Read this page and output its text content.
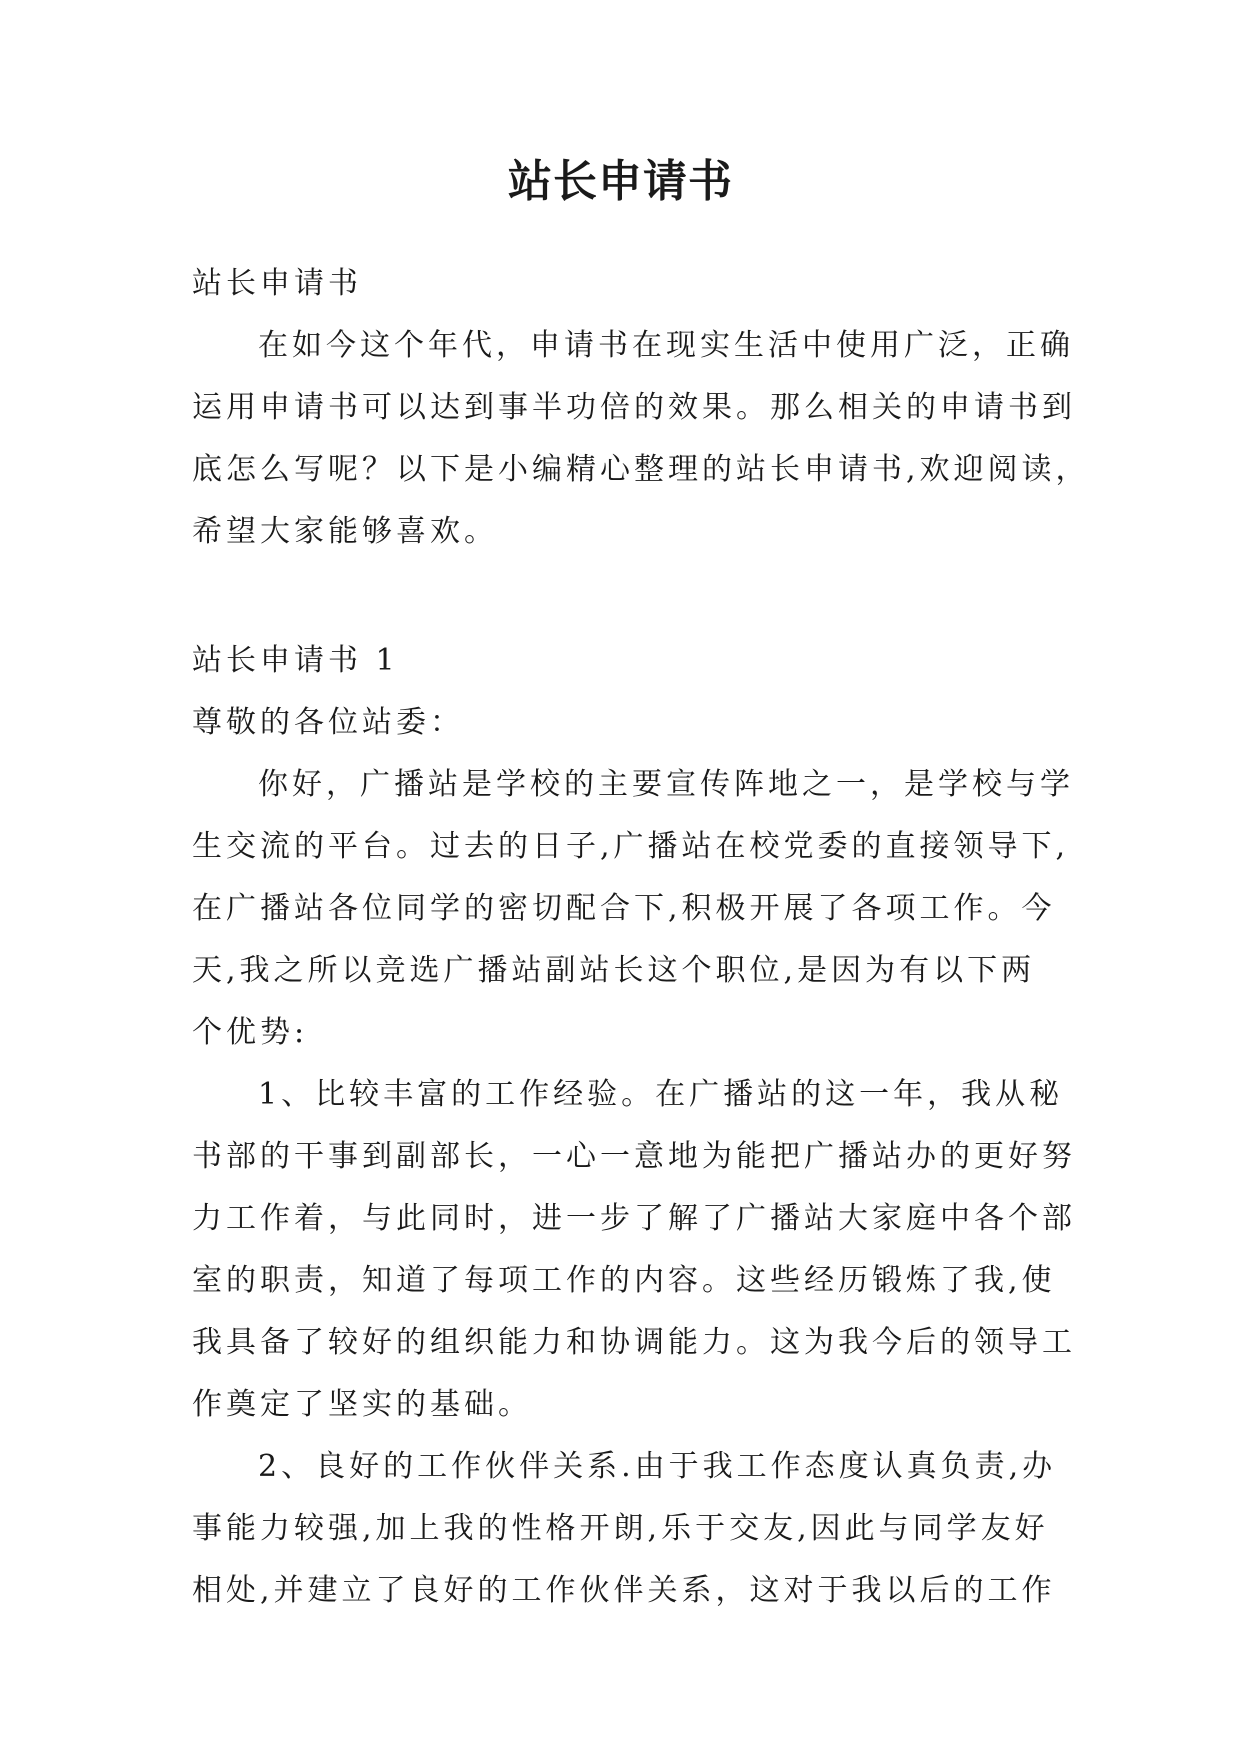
站长申请书
站长申请书
在如今这个年代，申请书在现实生活中使用广泛，正确
运用申请书可以达到事半功倍的效果。那么相关的申请书到
底怎么写呢？以下是小编精心整理的站长申请书,欢迎阅读，
希望大家能够喜欢。
站长申请书 1
尊敬的各位站委：
你好，广播站是学校的主要宣传阵地之一，是学校与学
生交流的平台。过去的日子,广播站在校党委的直接领导下,
在广播站各位同学的密切配合下,积极开展了各项工作。今
天,我之所以竞选广播站副站长这个职位,是因为有以下两
个优势:
1、比较丰富的工作经验。在广播站的这一年，我从秘
书部的干事到副部长，一心一意地为能把广播站办的更好努
力工作着，与此同时，进一步了解了广播站大家庭中各个部
室的职责，知道了每项工作的内容。这些经历锻炼了我,使
我具备了较好的组织能力和协调能力。这为我今后的领导工
作奠定了坚实的基础。
2、良好的工作伙伴关系.由于我工作态度认真负责,办
事能力较强,加上我的性格开朗,乐于交友,因此与同学友好
相处,并建立了良好的工作伙伴关系，这对于我以后的工作
